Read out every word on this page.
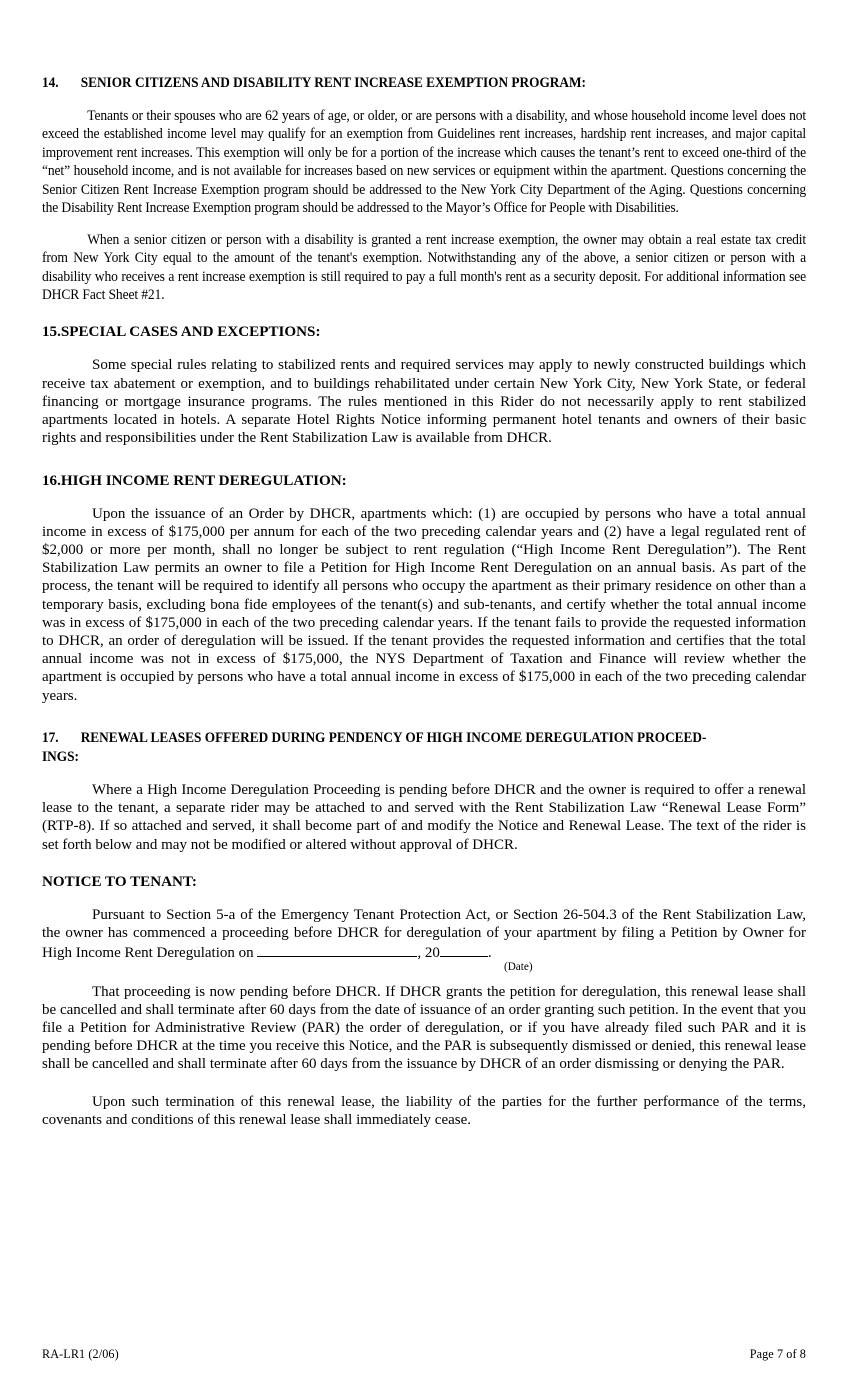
14. SENIOR CITIZENS AND DISABILITY RENT INCREASE EXEMPTION PROGRAM:

Tenants or their spouses who are 62 years of age, or older, or are persons with a disability, and whose household income level does not exceed the established income level may qualify for an exemption from Guidelines rent increases, hardship rent increases, and major capital improvement rent increases. This exemption will only be for a portion of the increase which causes the tenant’s rent to exceed one-third of the “net” household income, and is not available for increases based on new services or equipment within the apartment. Questions concerning the Senior Citizen Rent Increase Exemption program should be addressed to the New York City Department of the Aging. Questions concerning the Disability Rent Increase Exemption program should be addressed to the Mayor’s Office for People with Disabilities.

When a senior citizen or person with a disability is granted a rent increase exemption, the owner may obtain a real estate tax credit from New York City equal to the amount of the tenant's exemption. Notwithstanding any of the above, a senior citizen or person with a disability who receives a rent increase exemption is still required to pay a full month's rent as a security deposit. For additional information see DHCR Fact Sheet #21.

15.SPECIAL CASES AND EXCEPTIONS:

Some special rules relating to stabilized rents and required services may apply to newly constructed buildings which receive tax abatement or exemption, and to buildings rehabilitated under certain New York City, New York State, or federal financing or mortgage insurance programs. The rules mentioned in this Rider do not necessarily apply to rent stabilized apartments located in hotels. A separate Hotel Rights Notice informing permanent hotel tenants and owners of their basic rights and responsibilities under the Rent Stabilization Law is available from DHCR.

16.HIGH INCOME RENT DEREGULATION:

Upon the issuance of an Order by DHCR, apartments which: (1) are occupied by persons who have a total annual income in excess of $175,000 per annum for each of the two preceding calendar years and (2) have a legal regulated rent of $2,000 or more per month, shall no longer be subject to rent regulation (“High Income Rent Deregulation”). The Rent Stabilization Law permits an owner to file a Petition for High Income Rent Deregulation on an annual basis. As part of the process, the tenant will be required to identify all persons who occupy the apartment as their primary residence on other than a temporary basis, excluding bona fide employees of the tenant(s) and sub-tenants, and certify whether the total annual income was in excess of $175,000 in each of the two preceding calendar years. If the tenant fails to provide the requested information to DHCR, an order of deregulation will be issued. If the tenant provides the requested information and certifies that the total annual income was not in excess of $175,000, the NYS Department of Taxation and Finance will review whether the apartment is occupied by persons who have a total annual income in excess of $175,000 in each of the two preceding calendar years.

17. RENEWAL LEASES OFFERED DURING PENDENCY OF HIGH INCOME DEREGULATION PROCEED-
INGS:

Where a High Income Deregulation Proceeding is pending before DHCR and the owner is required to offer a renewal lease to the tenant, a separate rider may be attached to and served with the Rent Stabilization Law “Renewal Lease Form” (RTP-8). If so attached and served, it shall become part of and modify the Notice and Renewal Lease. The text of the rider is set forth below and may not be modified or altered without approval of DHCR.

NOTICE TO TENANT:

Pursuant to Section 5-a of the Emergency Tenant Protection Act, or Section 26-504.3 of the Rent Stabilization Law, the owner has commenced a proceeding before DHCR for deregulation of your apartment by filing a Petition by Owner for High Income Rent Deregulation on	, 20	.

(Date)

That proceeding is now pending before DHCR. If DHCR grants the petition for deregulation, this renewal lease shall be cancelled and shall terminate after 60 days from the date of issuance of an order granting such petition. In the event that you file a Petition for Administrative Review (PAR) the order of deregulation, or if you have already filed such PAR and it is pending before DHCR at the time you receive this Notice, and the PAR is subsequently dismissed or denied, this renewal lease shall be cancelled and shall terminate after 60 days from the issuance by DHCR of an order dismissing or denying the PAR.

Upon such termination of this renewal lease, the liability of the parties for the further performance of the terms, covenants and conditions of this renewal lease shall immediately cease.

RA-LR1 (2/06)	Page 7 of 8
